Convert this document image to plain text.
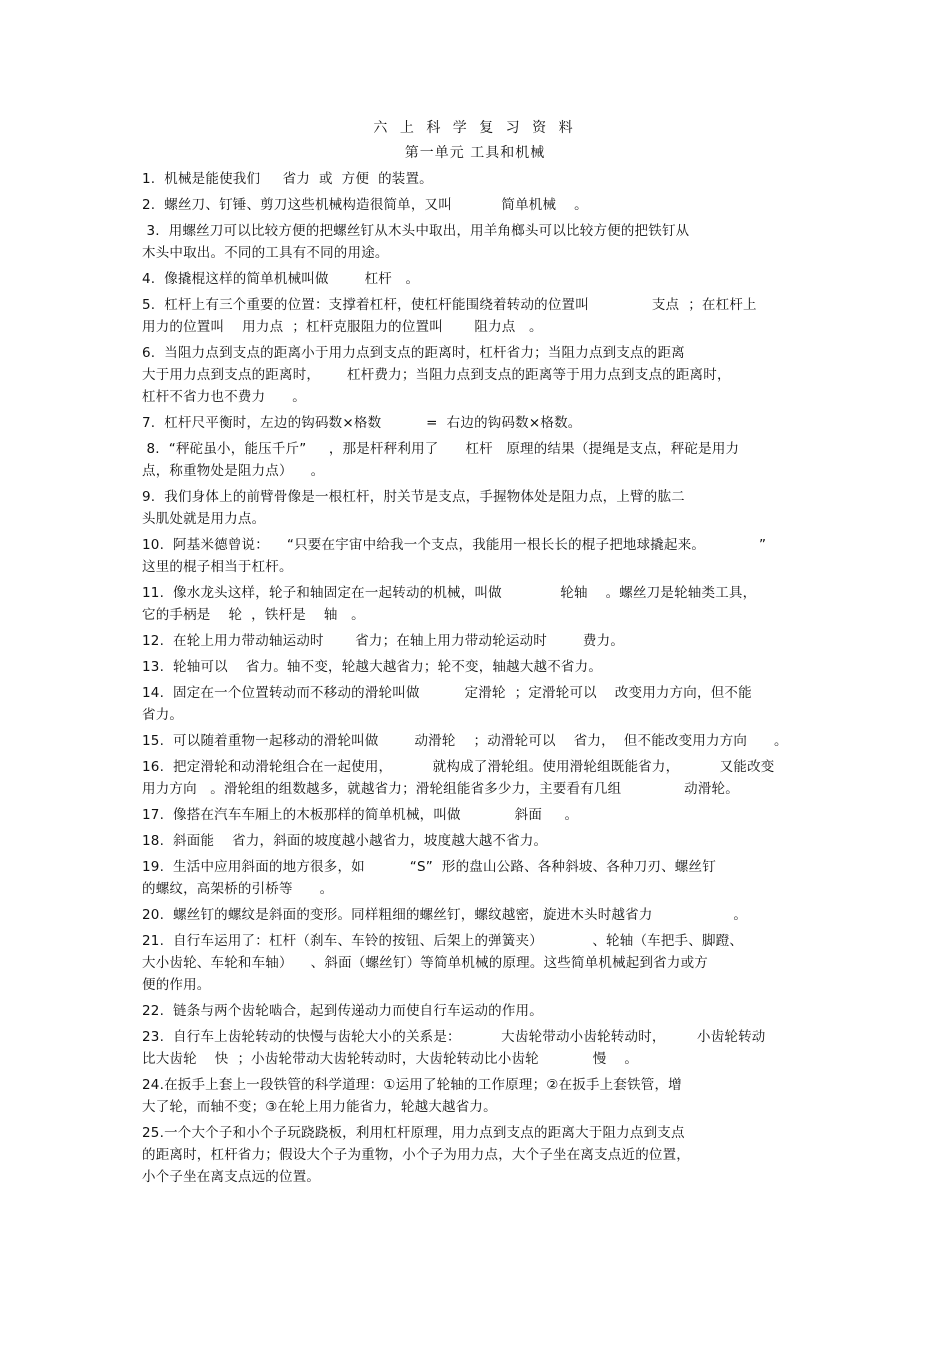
六 上 科 学 复 习 资 料
第一单元 工具和机械
1.  机械是能使我们     省力  或  方便  的装置。
2.  螺丝刀、钉锤、剪刀这些机械构造很简单，又叫           简单机械    。
3.  用螺丝刀可以比较方便的把螺丝钉从木头中取出，用羊角榔头可以比较方便的把铁钉从
木头中取出。不同的工具有不同的用途。
4.  像撬棍这样的简单机械叫做        杠杆   。
5.  杠杆上有三个重要的位置：支撑着杠杆，使杠杆能围绕着转动的位置叫              支点  ；在杠杆上
用力的位置叫    用力点  ；杠杆克服阻力的位置叫       阻力点   。
6.  当阻力点到支点的距离小于用力点到支点的距离时，杠杆省力；当阻力点到支点的距离
大于用力点到支点的距离时，      杠杆费力；当阻力点到支点的距离等于用力点到支点的距离时，
杠杆不省力也不费力      。
7.  杠杆尺平衡时，左边的钩码数×格数          =  右边的钩码数×格数。
8.  “秤砣虽小，能压千斤”     ，那是杆秤利用了      杠杆   原理的结果（提绳是支点，秤砣是用力
点，称重物处是阻力点）    。
9.  我们身体上的前臂骨像是一根杠杆，肘关节是支点，手握物体处是阻力点，上臂的肱二
头肌处就是用力点。
10.  阿基米德曾说：    “只要在宇宙中给我一个支点，我能用一根长长的棍子把地球撬起来。            ”
这里的棍子相当于杠杆。
11.  像水龙头这样，轮子和轴固定在一起转动的机械，叫做             轮轴    。螺丝刀是轮轴类工具，
它的手柄是    轮  ，铁杆是    轴   。
12.  在轮上用力带动轴运动时       省力；在轴上用力带动轮运动时        费力。
13.  轮轴可以    省力。轴不变，轮越大越省力；轮不变，轴越大越不省力。
14.  固定在一个位置转动而不移动的滑轮叫做          定滑轮  ；定滑轮可以    改变用力方向，但不能
省力。
15.  可以随着重物一起移动的滑轮叫做        动滑轮    ；动滑轮可以    省力，  但不能改变用力方向      。
16.  把定滑轮和动滑轮组合在一起使用，         就构成了滑轮组。使用滑轮组既能省力，         又能改变
用力方向   。滑轮组的组数越多，就越省力；滑轮组能省多少力，主要看有几组              动滑轮。
17.  像搭在汽车车厢上的木板那样的简单机械，叫做            斜面     。
18.  斜面能    省力，斜面的坡度越小越省力，坡度越大越不省力。
19.  生活中应用斜面的地方很多，如          “S”  形的盘山公路、各种斜坡、各种刀刃、螺丝钉
的螺纹，高架桥的引桥等      。
20.  螺丝钉的螺纹是斜面的变形。同样粗细的螺丝钉，螺纹越密，旋进木头时越省力                  。
21.  自行车运用了：杠杆（刹车、车铃的按钮、后架上的弹簧夹）           、轮轴（车把手、脚蹬、
大小齿轮、车轮和车轴）    、斜面（螺丝钉）等简单机械的原理。这些简单机械起到省力或方
便的作用。
22.  链条与两个齿轮啮合，起到传递动力而使自行车运动的作用。
23.  自行车上齿轮转动的快慢与齿轮大小的关系是：         大齿轮带动小齿轮转动时，       小齿轮转动
比大齿轮    快  ；小齿轮带动大齿轮转动时，大齿轮转动比小齿轮            慢    。
24.在扳手上套上一段铁管的科学道理：①运用了轮轴的工作原理；②在扳手上套铁管，增
大了轮，而轴不变；③在轮上用力能省力，轮越大越省力。
25.一个大个子和小个子玩跷跷板，利用杠杆原理，用力点到支点的距离大于阻力点到支点
的距离时，杠杆省力；假设大个子为重物，小个子为用力点，大个子坐在离支点近的位置，
小个子坐在离支点远的位置。
